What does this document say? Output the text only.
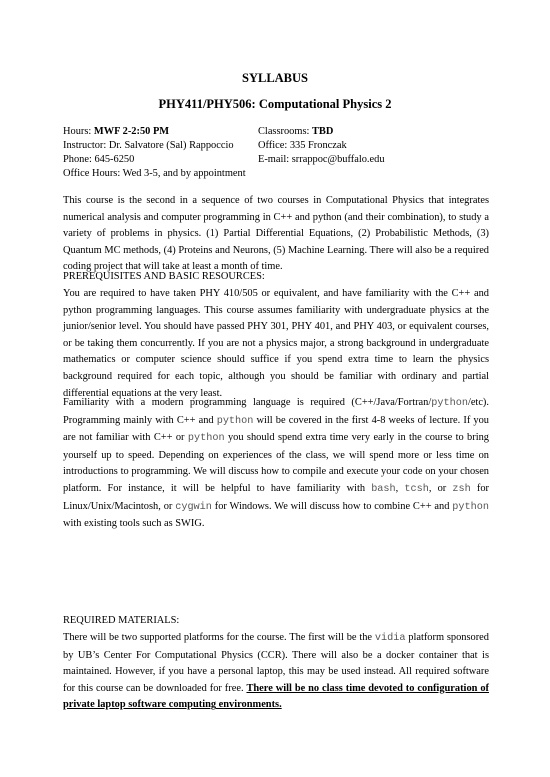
SYLLABUS
PHY411/PHY506: Computational Physics 2
Hours: MWF 2-2:50 PM	Classrooms: TBD
Instructor: Dr. Salvatore (Sal) Rappoccio Office: 335 Fronczak
Phone: 645-6250	E-mail: srrappoc@buffalo.edu
Office Hours: Wed 3-5, and by appointment

This course is the second in a sequence of two courses in Computational Physics that integrates numerical analysis and computer programming in C++ and python (and their combination), to study a variety of problems in physics. (1) Partial Differential Equations, (2) Probabilistic Methods, (3) Quantum MC methods, (4) Proteins and Neurons, (5) Machine Learning. There will also be a required coding project that will take at least a month of time.

PREREQUISITES AND BASIC RESOURCES:

You are required to have taken PHY 410/505 or equivalent, and have familiarity with the C++ and python programming languages. This course assumes familiarity with undergraduate physics at the junior/senior level. You should have passed PHY 301, PHY 401, and PHY 403, or equivalent courses, or be taking them concurrently. If you are not a physics major, a strong background in undergraduate mathematics or computer science should suffice if you spend extra time to learn the physics background required for each topic, although you should be familiar with ordinary and partial differential equations at the very least.

Familiarity with a modern programming language is required (C++/Java/Fortran/python/etc). Programming mainly with C++ and python will be covered in the first 4-8 weeks of lecture. If you are not familiar with C++ or python you should spend extra time very early in the course to bring yourself up to speed. Depending on experiences of the class, we will spend more or less time on introductions to programming. We will discuss how to compile and execute your code on your chosen platform. For instance, it will be helpful to have familiarity with bash, tcsh, or zsh for Linux/Unix/Macintosh, or cygwin for Windows. We will discuss how to combine C++ and python with existing tools such as SWIG.

REQUIRED MATERIALS:

There will be two supported platforms for the course. The first will be the vidia platform sponsored by UB’s Center For Computational Physics (CCR). There will also be a docker container that is maintained. However, if you have a personal laptop, this may be used instead. All required software for this course can be downloaded for free. There will be no class time devoted to configuration of private laptop software computing environments.
